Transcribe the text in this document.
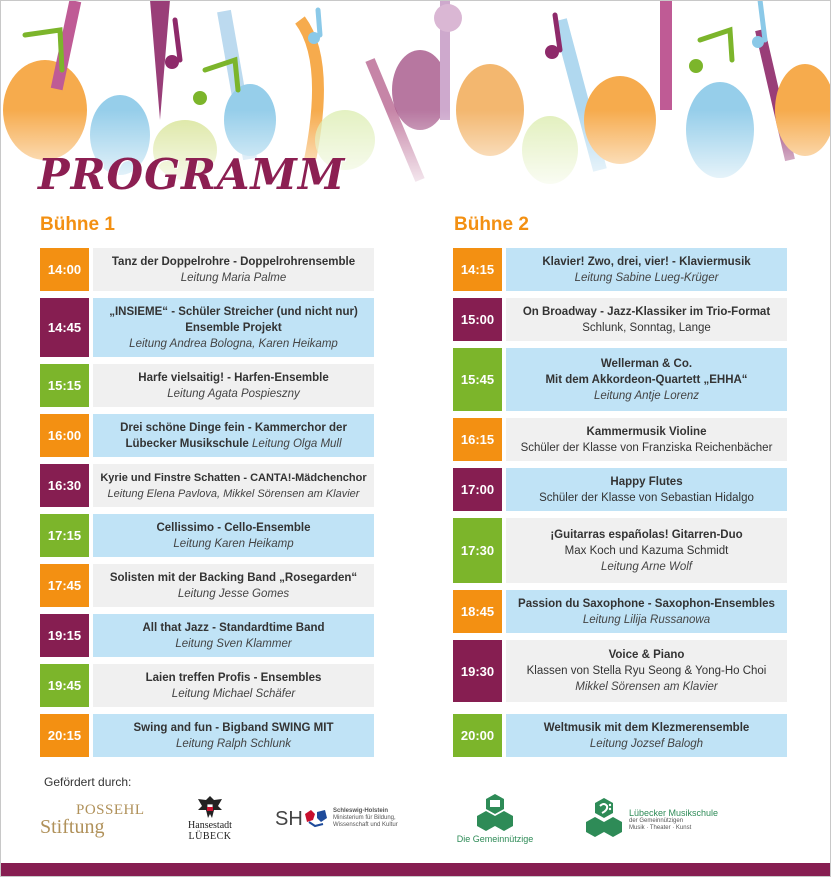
PROGRAMM
Bühne 1	Bühne 2
14:00
Tanz der Doppelrohre - Doppelrohrensemble
Leitung Maria Palme
14:45
„INSIEME“ - Schüler Streicher (und nicht nur)
Ensemble Projekt
Leitung Andrea Bologna, Karen Heikamp
15:15
Harfe vielsaitig! - Harfen-Ensemble
Leitung Agata Pospieszny
16:00
Drei schöne Dinge fein - Kammerchor der
Lübecker Musikschule Leitung Olga Mull
16:30
Kyrie und Finstre Schatten - CANTA!-Mädchenchor
Leitung Elena Pavlova, Mikkel Sörensen am Klavier
17:15
Cellissimo - Cello-Ensemble
Leitung Karen Heikamp
17:45
Solisten mit der Backing Band „Rosegarden“
Leitung Jesse Gomes
19:15
All that Jazz - Standardtime Band
Leitung Sven Klammer
19:45
Laien treffen Profis - Ensembles
Leitung Michael Schäfer
20:15
Swing and fun - Bigband SWING MIT
Leitung Ralph Schlunk
14:15
Klavier! Zwo, drei, vier! - Klaviermusik
Leitung Sabine Lueg-Krüger
15:00
On Broadway - Jazz-Klassiker im Trio-Format
Schlunk, Sonntag, Lange
15:45
Wellerman & Co.
Mit dem Akkordeon-Quartett „EHHA“
Leitung Antje Lorenz
16:15
Kammermusik Violine
Schüler der Klasse von Franziska Reichenbächer
17:00
Happy Flutes
Schüler der Klasse von Sebastian Hidalgo
17:30
¡Guitarras españolas! Gitarren-Duo
Max Koch und Kazuma Schmidt
Leitung Arne Wolf
18:45
Passion du Saxophone - Saxophon-Ensembles
Leitung Lilija Russanowa
19:30
Voice & Piano
Klassen von Stella Ryu Seong & Yong-Ho Choi
Mikkel Sörensen am Klavier
20:00
Weltmusik mit dem Klezmerensemble
Leitung Jozsef Balogh
Gefördert durch:
POSSEHL
Stiftung	Hansestadt
LÜBECK
SH	Schleswig-Holstein
Ministerium für Bildung,
Wissenschaft und Kultur
Die Gemeinnützige
Lübecker Musikschule
der Gemeinnützigen
Musik · Theater · Kunst
